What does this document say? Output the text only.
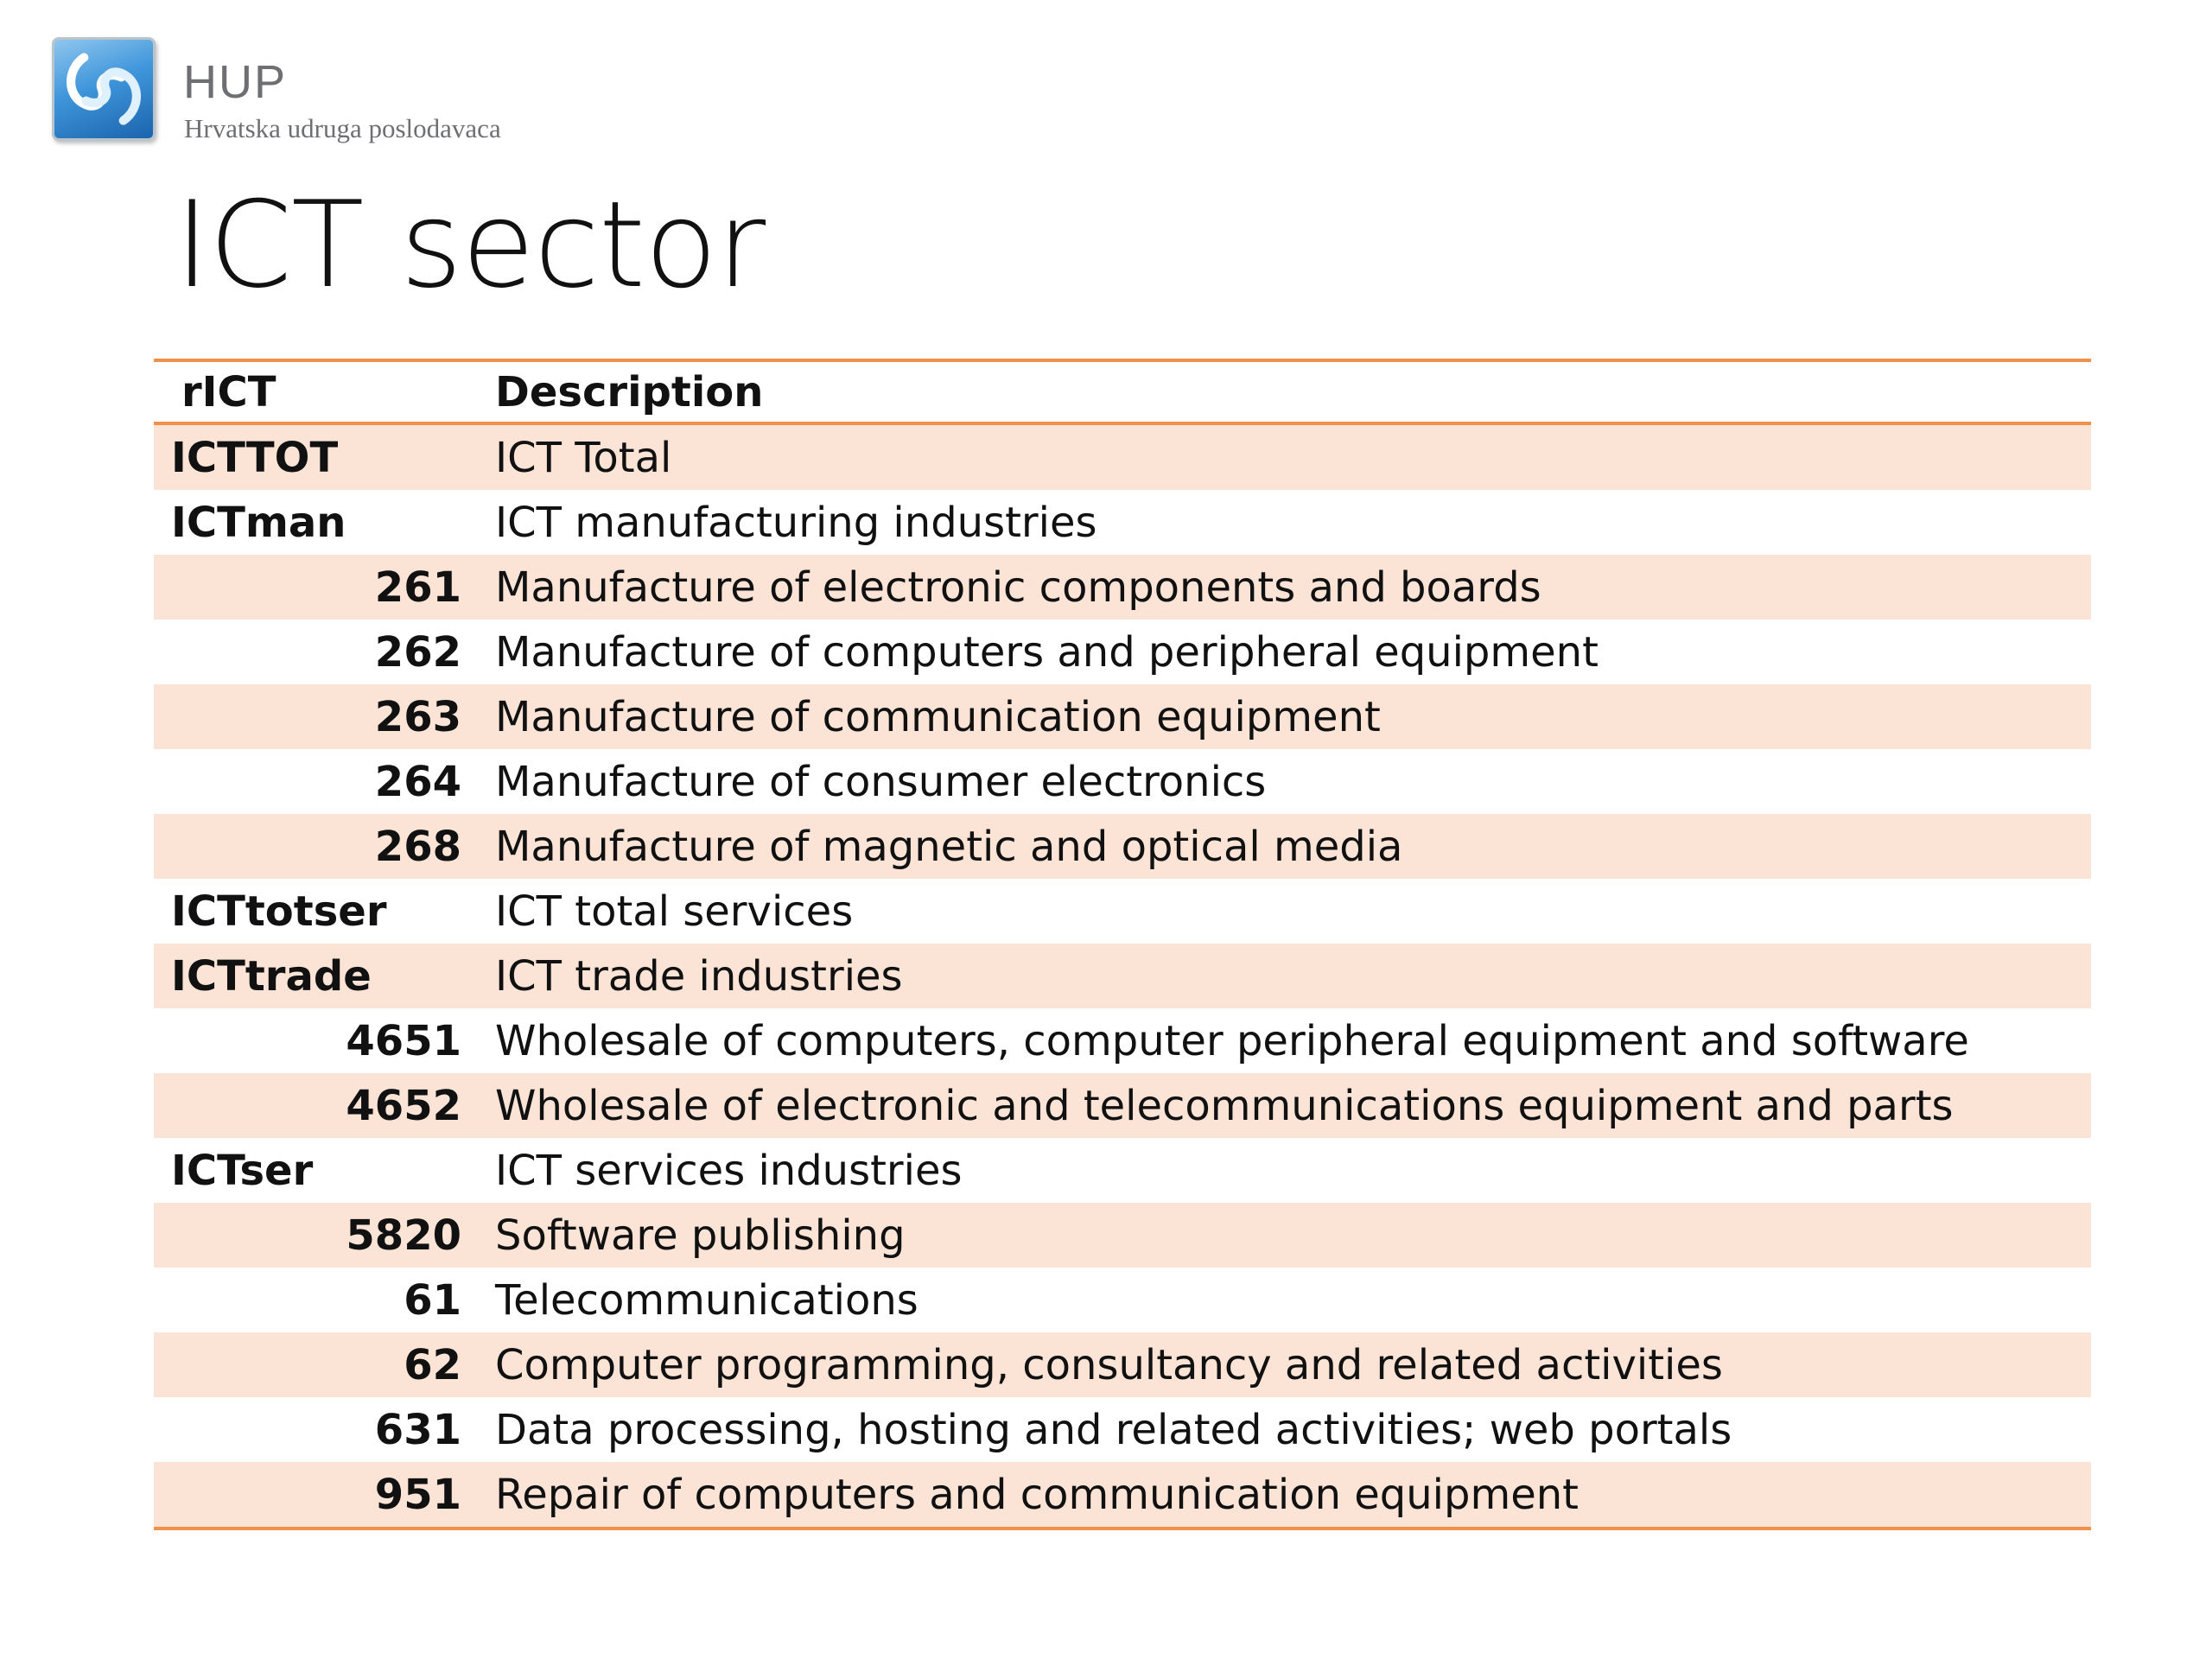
HUP
Hrvatska udruga poslodavaca
ICT sector
rICT	Description
ICTTOT	ICT Total
ICTman	ICT manufacturing industries
261 Manufacture of electronic components and boards
262 Manufacture of computers and peripheral equipment
263 Manufacture of communication equipment
264 Manufacture of consumer electronics
268 Manufacture of magnetic and optical media
ICTtotser	ICT total services
ICTtrade	ICT trade industries
4651 Wholesale of computers, computer peripheral equipment and software
4652 Wholesale of electronic and telecommunications equipment and parts
ICTser	ICT services industries
5820 Software publishing
61 Telecommunications
62 Computer programming, consultancy and related activities
631 Data processing, hosting and related activities; web portals
951 Repair of computers and communication equipment
